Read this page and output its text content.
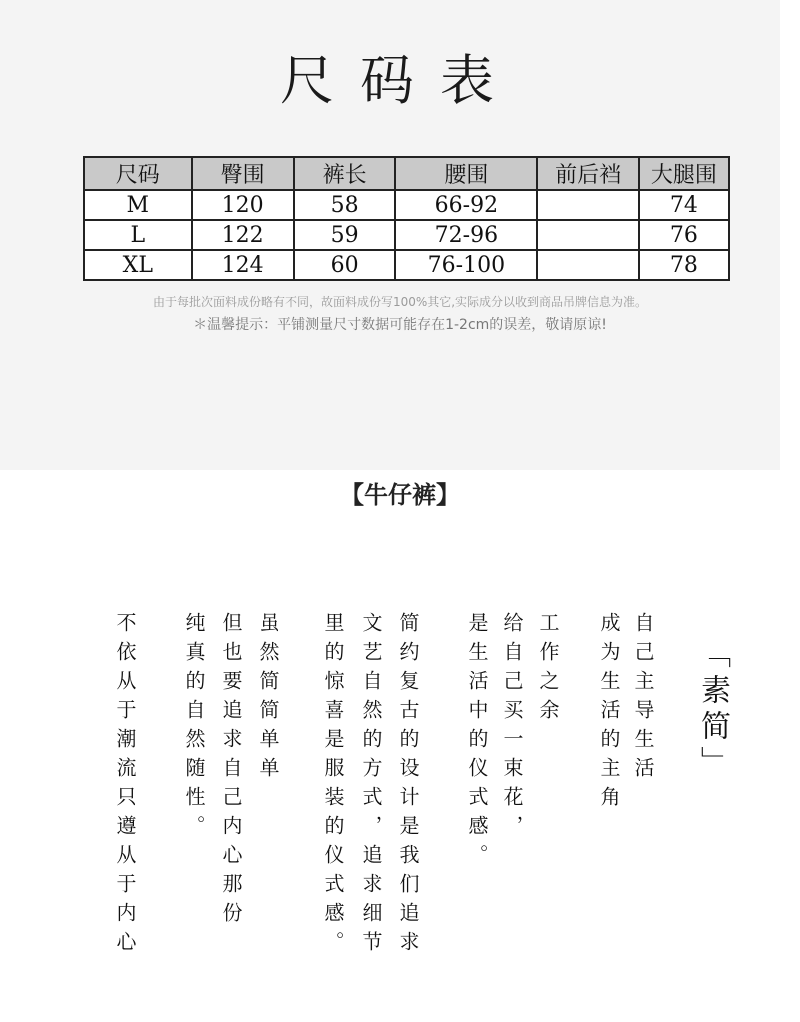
尺码表
尺码	臀围	裤长	腰围	前后裆	大腿围
M	120	58	66-92		74
L	122	59	72-96		76
XL	124	60	76-100		78
由于每批次面料成份略有不同，故面料成份写100%其它,实际成分以收到商品吊牌信息为准。
＊温馨提示：平铺测量尺寸数据可能存在1-2cm的误差，敬请原谅!
【牛仔裤】
「素简」
自己主导生活
成为生活的主角
工作之余
给自己买一束花，
是生活中的仪式感。
简约复古的设计是我们追求
文艺自然的方式，追求细节
里的惊喜是服装的仪式感。
虽然简简单单
但也要追求自己内心那份
纯真的自然随性。
不依从于潮流只遵从于内心
